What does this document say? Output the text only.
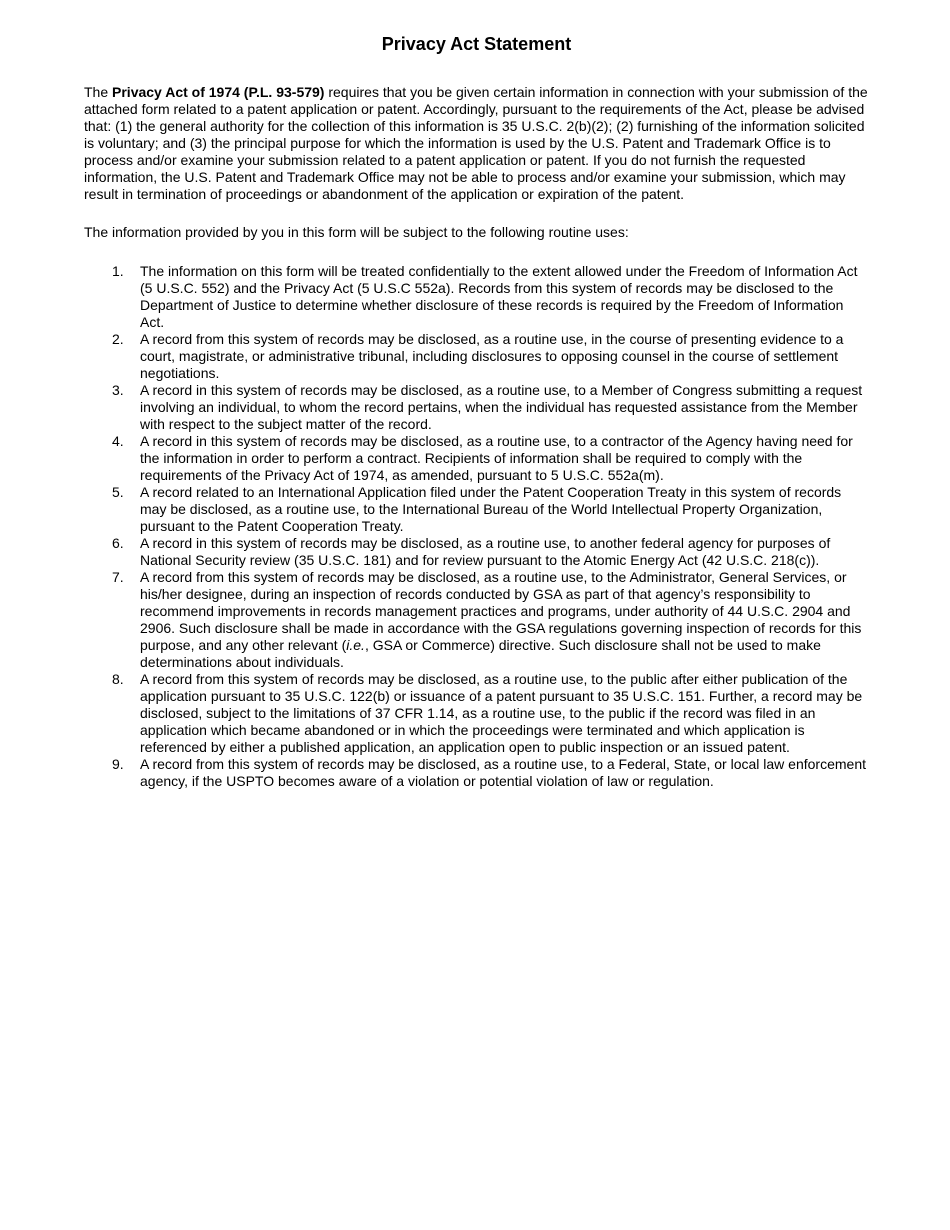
Privacy Act Statement

The Privacy Act of 1974 (P.L. 93-579) requires that you be given certain information in connection with your submission of the attached form related to a patent application or patent. Accordingly, pursuant to the requirements of the Act, please be advised that: (1) the general authority for the collection of this information is 35 U.S.C. 2(b)(2); (2) furnishing of the information solicited is voluntary; and (3) the principal purpose for which the information is used by the U.S. Patent and Trademark Office is to process and/or examine your submission related to a patent application or patent. If you do not furnish the requested information, the U.S. Patent and Trademark Office may not be able to process and/or examine your submission, which may result in termination of proceedings or abandonment of the application or expiration of the patent.

The information provided by you in this form will be subject to the following routine uses:

1.	The information on this form will be treated confidentially to the extent allowed under the Freedom of Information Act (5 U.S.C. 552) and the Privacy Act (5 U.S.C 552a). Records from this system of records may be disclosed to the Department of Justice to determine whether disclosure of these records is required by the Freedom of Information Act.
2.	A record from this system of records may be disclosed, as a routine use, in the course of presenting evidence to a court, magistrate, or administrative tribunal, including disclosures to opposing counsel in the course of settlement negotiations.
3.	A record in this system of records may be disclosed, as a routine use, to a Member of Congress submitting a request involving an individual, to whom the record pertains, when the individual has requested assistance from the Member with respect to the subject matter of the record.
4.	A record in this system of records may be disclosed, as a routine use, to a contractor of the Agency having need for the information in order to perform a contract. Recipients of information shall be required to comply with the requirements of the Privacy Act of 1974, as amended, pursuant to 5 U.S.C. 552a(m).
5.	A record related to an International Application filed under the Patent Cooperation Treaty in this system of records may be disclosed, as a routine use, to the International Bureau of the World Intellectual Property Organization, pursuant to the Patent Cooperation Treaty.
6.	A record in this system of records may be disclosed, as a routine use, to another federal agency for purposes of National Security review (35 U.S.C. 181) and for review pursuant to the Atomic Energy Act (42 U.S.C. 218(c)).
7.	A record from this system of records may be disclosed, as a routine use, to the Administrator, General Services, or his/her designee, during an inspection of records conducted by GSA as part of that agency’s responsibility to recommend improvements in records management practices and programs, under authority of 44 U.S.C. 2904 and 2906. Such disclosure shall be made in accordance with the GSA regulations governing inspection of records for this purpose, and any other relevant (i.e., GSA or Commerce) directive. Such disclosure shall not be used to make determinations about individuals.
8.	A record from this system of records may be disclosed, as a routine use, to the public after either publication of the application pursuant to 35 U.S.C. 122(b) or issuance of a patent pursuant to 35 U.S.C. 151. Further, a record may be disclosed, subject to the limitations of 37 CFR 1.14, as a routine use, to the public if the record was filed in an application which became abandoned or in which the proceedings were terminated and which application is referenced by either a published application, an application open to public inspection or an issued patent.
9.	A record from this system of records may be disclosed, as a routine use, to a Federal, State, or local law enforcement agency, if the USPTO becomes aware of a violation or potential violation of law or regulation.
